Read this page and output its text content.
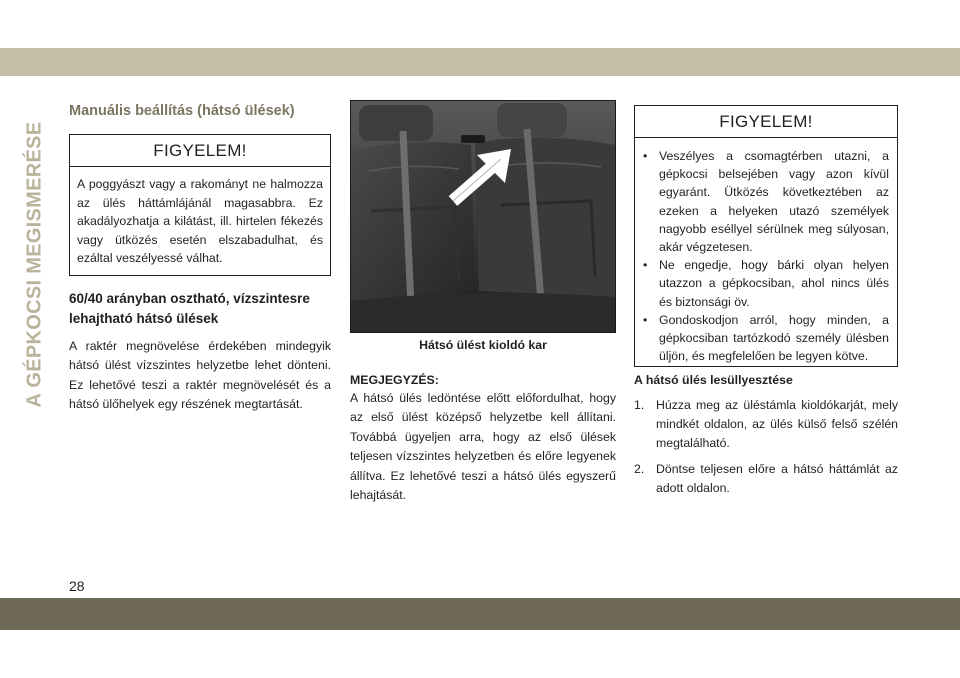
A GÉPKOCSI MEGISMERÉSE
Manuális beállítás (hátsó ülések)
FIGYELEM!
A poggyászt vagy a rakományt ne halmozza az ülés háttámlájánál magasabbra. Ez akadályozhatja a kilátást, ill. hirtelen fékezés vagy ütközés esetén elszabadulhat, és ezáltal veszélyessé válhat.
60/40 arányban osztható, vízszintesre lehajtható hátsó ülések

A raktér megnövelése érdekében mindegyik hátsó ülést vízszintes helyzetbe lehet dönteni. Ez lehetővé teszi a raktér megnövelését és a hátsó ülőhelyek egy részének megtartását.

Hátsó ülést kioldó kar
MEGJEGYZÉS:

A hátsó ülés ledöntése előtt előfordulhat, hogy az első ülést középső helyzetbe kell állítani. Továbbá ügyeljen arra, hogy az első ülések teljesen vízszintes helyzetben és előre legyenek állítva. Ez lehetővé teszi a hátsó ülés egyszerű lehajtását.

FIGYELEM!
• Veszélyes a csomagtérben utazni, a gépkocsi belsejében vagy azon kívül egyaránt. Ütközés következtében az ezeken a helyeken utazó személyek nagyobb eséllyel sérülnek meg súlyosan, akár végzetesen.
• Ne engedje, hogy bárki olyan helyen utazzon a gépkocsiban, ahol nincs ülés és biztonsági öv.
• Gondoskodjon arról, hogy minden, a gépkocsiban tartózkodó személy ülésben üljön, és megfelelően be legyen kötve.
A hátsó ülés lesüllyesztése
1. Húzza meg az üléstámla kioldókarját, mely mindkét oldalon, az ülés külső felső szélén megtalálható.
2. Döntse teljesen előre a hátsó háttámlát az adott oldalon.
28
